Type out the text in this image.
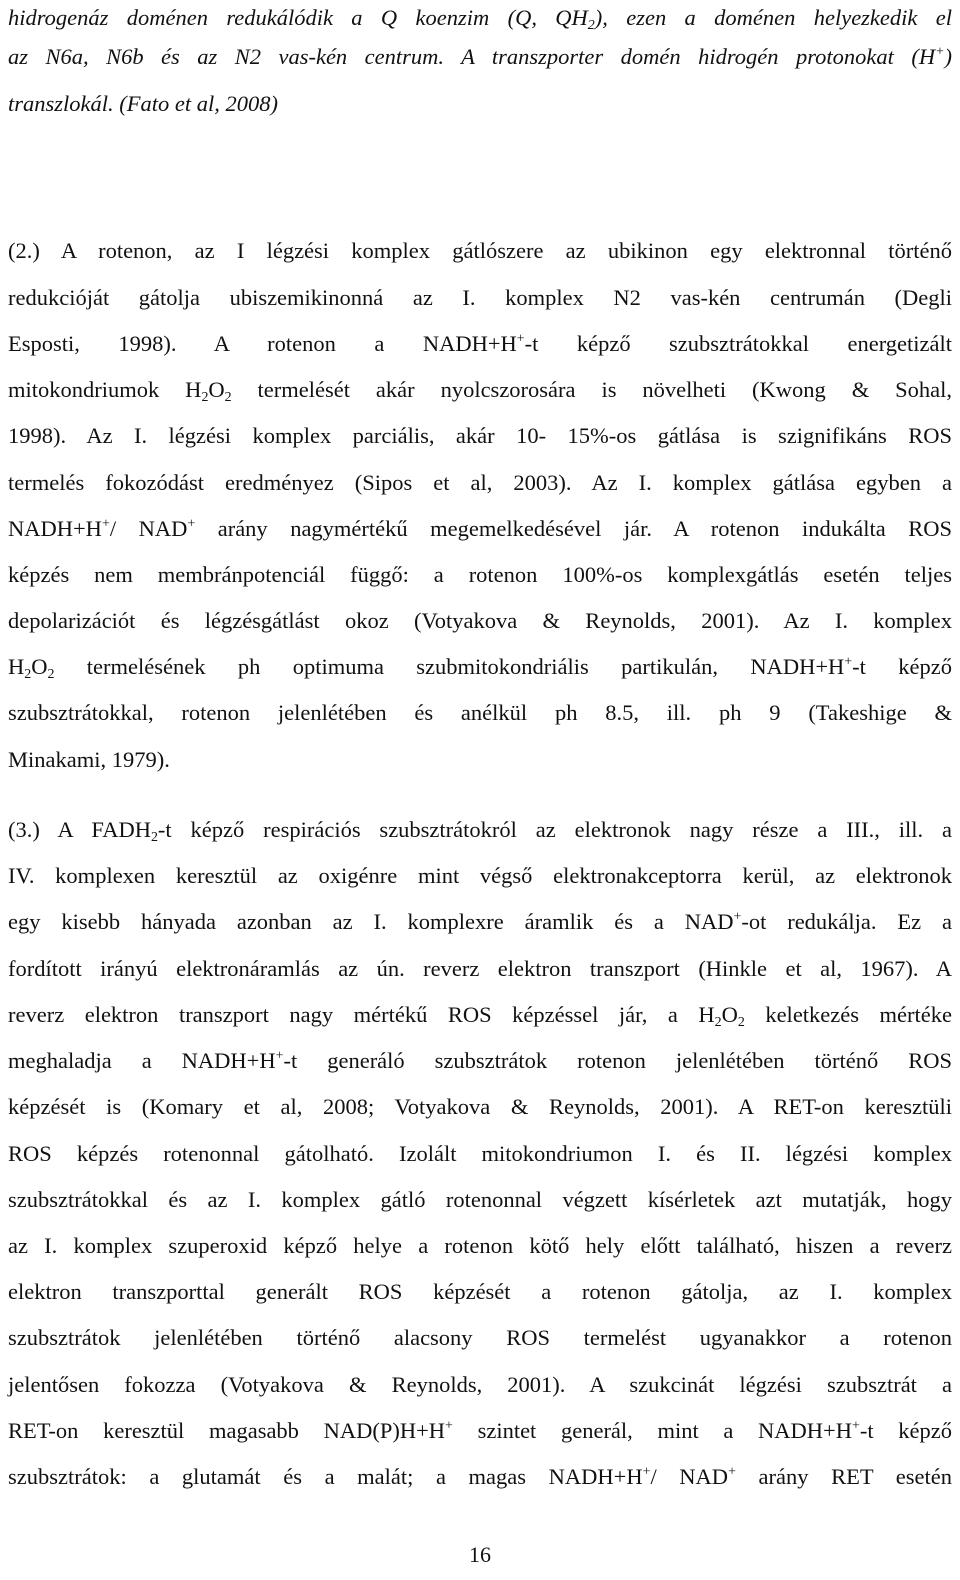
hidrogenáz doménen redukálódik a Q koenzim (Q, $QH_2$), ezen a doménen helyezkedik el
az N6a, N6b és az N2 vas-kén centrum. A transzporter domén hidrogén protonokat (H+)
transzlokál. (Fato et al, 2008)
(2.) A rotenon, az I légzési komplex gátlószere az ubikinon egy elektronnal történő
redukcióját gátolja ubiszemikinonná az I. komplex N2 vas-kén centrumán (Degli
Esposti, 1998). A rotenon a NADH+H+-t képző szubsztrátokkal energetizált
mitokondriumok $H_2O_2$ termelését akár nyolcszorosára is növelheti (Kwong & Sohal,
1998). Az I. légzési komplex parciális, akár 10- 15%-os gátlása is szignifikáns ROS
termelés fokozódást eredményez (Sipos et al, 2003). Az I. komplex gátlása egyben a
NADH+H+/ NAD+ arány nagymértékű megemelkedésével jár. A rotenon indukálta ROS
képzés nem membránpotenciál függő: a rotenon 100%-os komplexgátlás esetén teljes
depolarizációt és légzésgátlást okoz (Votyakova & Reynolds, 2001). Az I. komplex
$H_2O_2$ termelésének ph optimuma szubmitokondriális partikulán, NADH+H+-t képző
szubsztrátokkal, rotenon jelenlétében és anélkül ph 8.5, ill. ph 9 (Takeshige &
Minakami, 1979).
(3.) A $FADH_2-t$ képző respirációs szubsztrátokról az elektronok nagy része a III., ill. a
IV. komplexen keresztül az oxigénre mint végső elektronakceptorra kerül, az elektronok
egy kisebb hányada azonban az I. komplexre áramlik és a NAD+-ot redukálja. Ez a
fordított irányú elektronáramlás az ún. reverz elektron transzport (Hinkle et al, 1967). A
reverz elektron transzport nagy mértékű ROS képzéssel jár, a $H_2O_2$ keletkezés mértéke
meghaladja a NADH+H+-t generáló szubsztrátok rotenon jelenlétében történő ROS
képzését is (Komary et al, 2008; Votyakova & Reynolds, 2001). A RET-on keresztüli
ROS képzés rotenonnal gátolható. Izolált mitokondriumon I. és II. légzési komplex
szubsztrátokkal és az I. komplex gátló rotenonnal végzett kísérletek azt mutatják, hogy
az I. komplex szuperoxid képző helye a rotenon kötő hely előtt található, hiszen a reverz
elektron transzporttal generált ROS képzését a rotenon gátolja, az I. komplex
szubsztrátok jelenlétében történő alacsony ROS termelést ugyanakkor a rotenon
jelentősen fokozza (Votyakova & Reynolds, 2001). A szukcinát légzési szubsztrát a
RET-on keresztül magasabb NAD(P)H+H+ szintet generál, mint a NADH+H+-t képző
szubsztrátok: a glutamát és a malát; a magas NADH+H+/ NAD+ arány RET esetén
16
